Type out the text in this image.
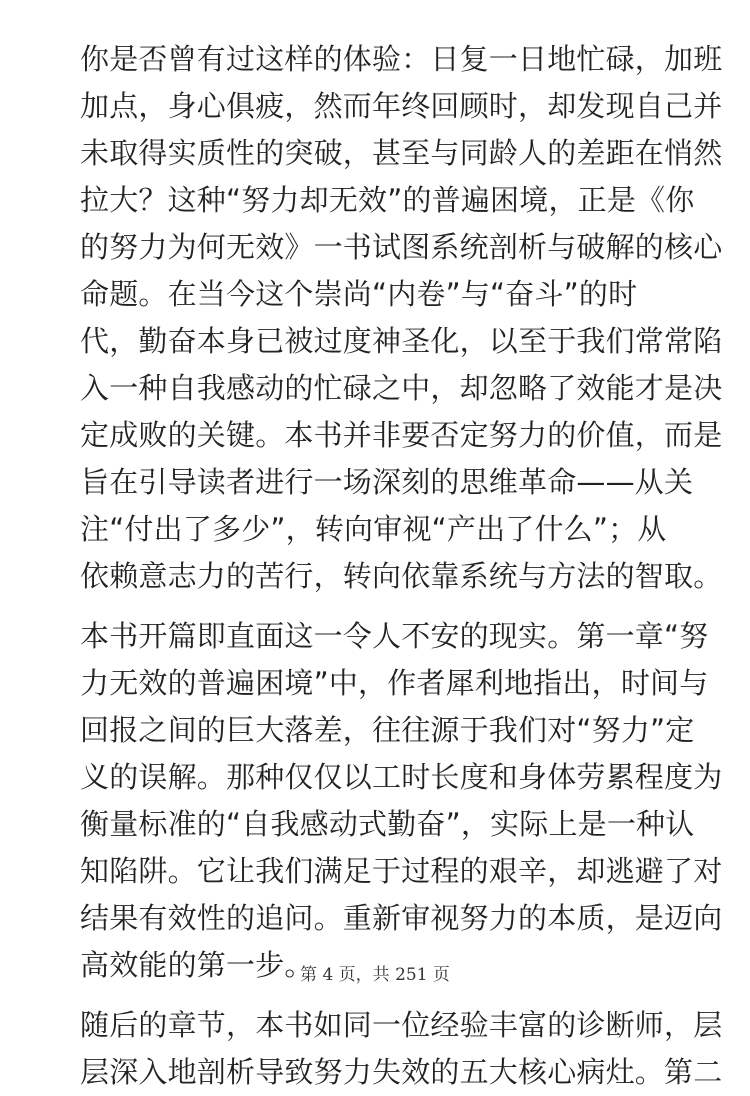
你是否曾有过这样的体验：日复一日地忙碌，加班
加点，身心俱疲，然而年终回顾时，却发现自己并
未取得实质性的突破，甚至与同龄人的差距在悄然
拉大？这种“努力却无效”的普遍困境，正是《你
的努力为何无效》一书试图系统剖析与破解的核心
命题。在当今这个崇尚“内卷”与“奋斗”的时
代，勤奋本身已被过度神圣化，以至于我们常常陷
入一种自我感动的忙碌之中，却忽略了效能才是决
定成败的关键。本书并非要否定努力的价值，而是
旨在引导读者进行一场深刻的思维革命——从关
注“付出了多少”，转向审视“产出了什么”；从
依赖意志力的苦行，转向依靠系统与方法的智取。
本书开篇即直面这一令人不安的现实。第一章“努
力无效的普遍困境”中，作者犀利地指出，时间与
回报之间的巨大落差，往往源于我们对“努力”定
义的误解。那种仅仅以工时长度和身体劳累程度为
衡量标准的“自我感动式勤奋”，实际上是一种认
知陷阱。它让我们满足于过程的艰辛，却逃避了对
结果有效性的追问。重新审视努力的本质，是迈向
高效能的第一步。
随后的章节，本书如同一位经验丰富的诊断师，层
层深入地剖析导致努力失效的五大核心病灶。第二
第 4 页，共 251 页
